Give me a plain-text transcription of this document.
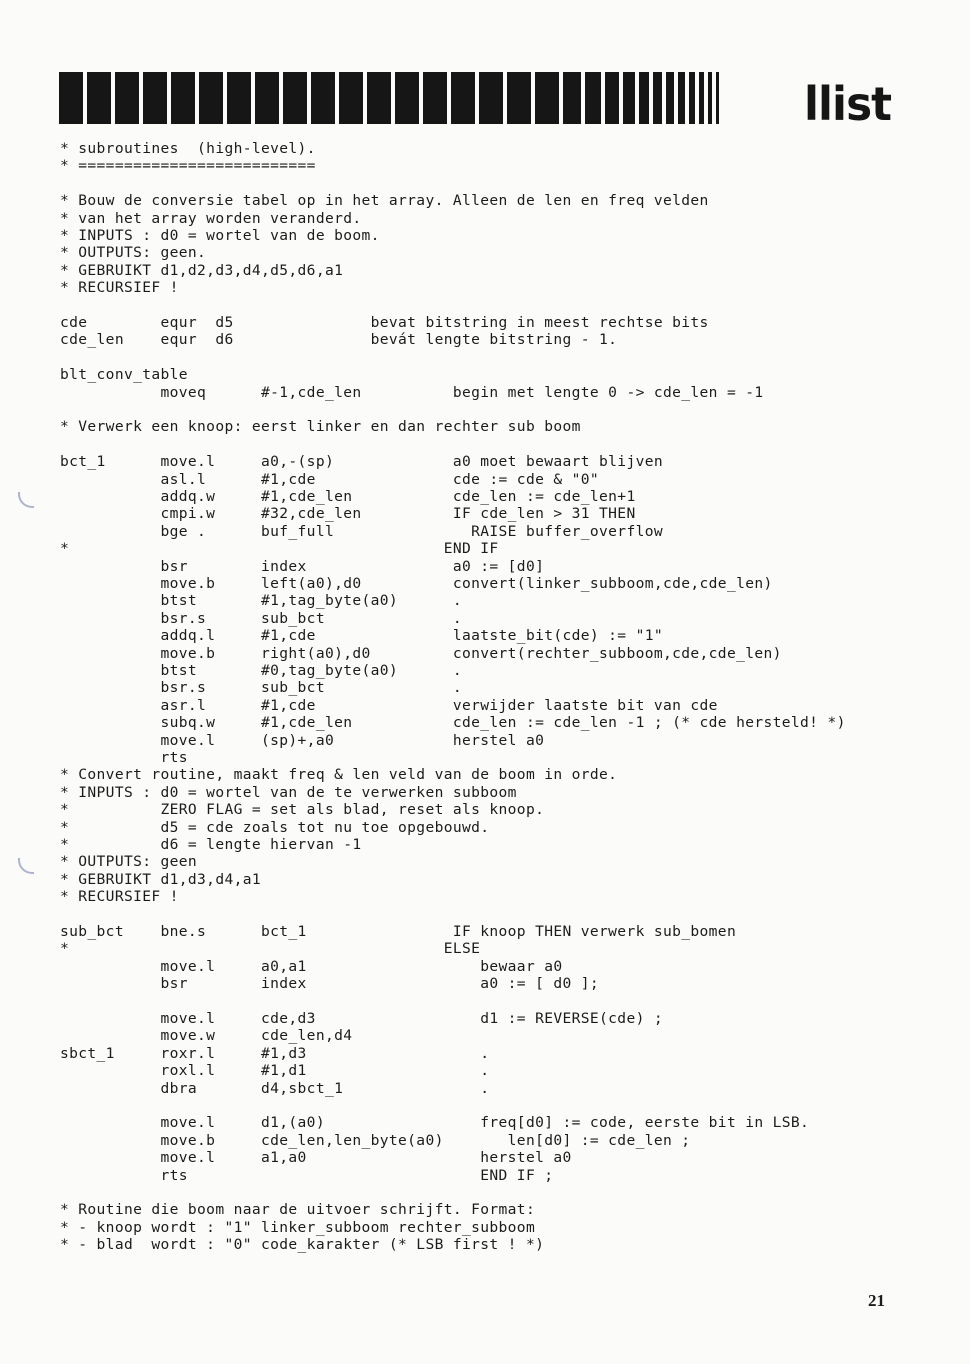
llist
* subroutines  (high-level).
* ==========================
* Bouw de conversie tabel op in het array. Alleen de len en freq velden
* van het array worden veranderd.
* INPUTS : d0 = wortel van de boom.
* OUTPUTS: geen.
* GEBRUIKT d1,d2,d3,d4,d5,d6,a1
* RECURSIEF !
cde        equr  d5               bevat bitstring in meest rechtse bits
cde_len    equr  d6               bevát lengte bitstring - 1.
blt_conv_table
moveq      #-1,cde_len          begin met lengte 0 -> cde_len = -1
* Verwerk een knoop: eerst linker en dan rechter sub boom
bct_1      move.l     a0,-(sp)             a0 moet bewaart blijven
asl.l      #1,cde               cde := cde & "0"
addq.w     #1,cde_len           cde_len := cde_len+1
cmpi.w     #32,cde_len          IF cde_len > 31 THEN
bge .      buf_full               RAISE buffer_overflow
*                                         END IF
bsr        index                a0 := [d0]
move.b     left(a0),d0          convert(linker_subboom,cde,cde_len)
btst       #1,tag_byte(a0)      .
bsr.s      sub_bct              .
addq.l     #1,cde               laatste_bit(cde) := "1"
move.b     right(a0),d0         convert(rechter_subboom,cde,cde_len)
btst       #0,tag_byte(a0)      .
bsr.s      sub_bct              .
asr.l      #1,cde               verwijder laatste bit van cde
subq.w     #1,cde_len           cde_len := cde_len -1 ; (* cde hersteld! *)
move.l     (sp)+,a0             herstel a0
rts
* Convert routine, maakt freq & len veld van de boom in orde.
* INPUTS : d0 = wortel van de te verwerken subboom
*          ZERO FLAG = set als blad, reset als knoop.
*          d5 = cde zoals tot nu toe opgebouwd.
*          d6 = lengte hiervan -1
* OUTPUTS: geen
* GEBRUIKT d1,d3,d4,a1
* RECURSIEF !
sub_bct    bne.s      bct_1                IF knoop THEN verwerk sub_bomen
*                                         ELSE
move.l     a0,a1                   bewaar a0
bsr        index                   a0 := [ d0 ];
move.l     cde,d3                  d1 := REVERSE(cde) ;
move.w     cde_len,d4
sbct_1     roxr.l     #1,d3                   .
roxl.l     #1,d1                   .
dbra       d4,sbct_1               .
move.l     d1,(a0)                 freq[d0] := code, eerste bit in LSB.
move.b     cde_len,len_byte(a0)       len[d0] := cde_len ;
move.l     a1,a0                   herstel a0
rts                                END IF ;
* Routine die boom naar de uitvoer schrijft. Format:
* - knoop wordt : "1" linker_subboom rechter_subboom
* - blad  wordt : "0" code_karakter (* LSB first ! *)
21
